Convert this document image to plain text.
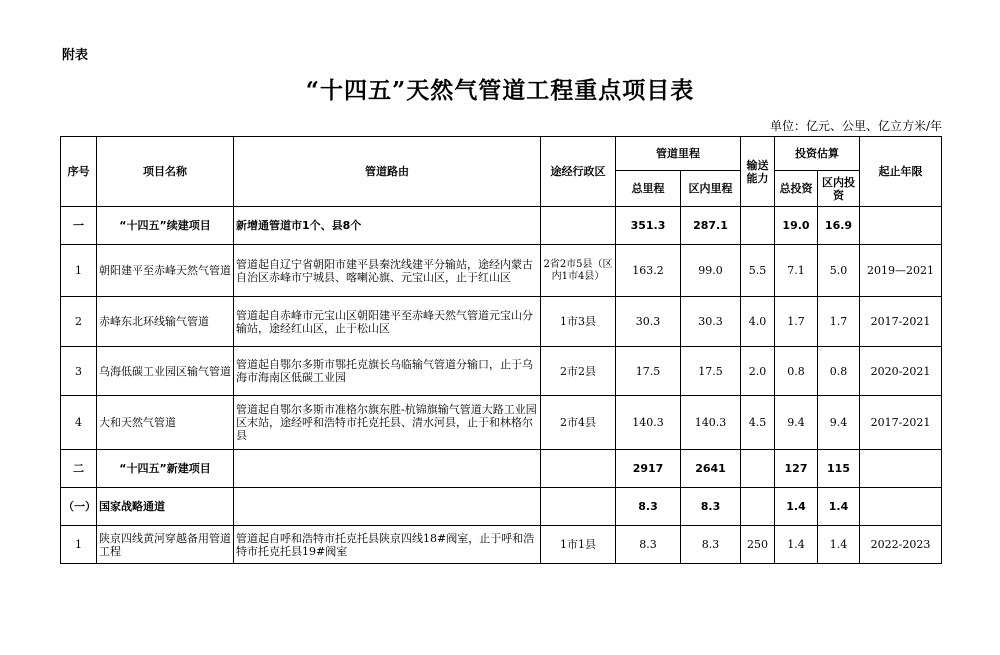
附表
“十四五”天然气管道工程重点项目表
单位：亿元、公里、亿立方米/年
序号	项目名称	管道路由	途经行政区	管道里程		输送能力	投资估算		起止年限
				总里程	区内里程		总投资	区内投资	
一	“十四五”续建项目	新增通管道市1个、县8个		351.3	287.1		19.0	16.9	
1	朝阳建平至赤峰天然气管道	管道起自辽宁省朝阳市建平县秦沈线建平分输站，途经内蒙古自治区赤峰市宁城县、喀喇沁旗、元宝山区，止于红山区	2省2市5县（区内1市4县）	163.2	99.0	5.5	7.1	5.0	2019—2021
2	赤峰东北环线输气管道	管道起自赤峰市元宝山区朝阳建平至赤峰天然气管道元宝山分输站，途经红山区，止于松山区	1市3县	30.3	30.3	4.0	1.7	1.7	2017-2021
3	乌海低碳工业园区输气管道	管道起自鄂尔多斯市鄂托克旗长乌临输气管道分输口，止于乌海市海南区低碳工业园	2市2县	17.5	17.5	2.0	0.8	0.8	2020-2021
4	大和天然气管道	管道起自鄂尔多斯市准格尔旗东胜-杭锦旗输气管道大路工业园区末站，途经呼和浩特市托克托县、清水河县，止于和林格尔县	2市4县	140.3	140.3	4.5	9.4	9.4	2017-2021
二	“十四五”新建项目			2917	2641		127	115	
（一）	国家战略通道			8.3	8.3		1.4	1.4	
1	陕京四线黄河穿越备用管道工程	管道起自呼和浩特市托克托县陕京四线18#阀室，止于呼和浩特市托克托县19#阀室	1市1县	8.3	8.3	250	1.4	1.4	2022-2023
